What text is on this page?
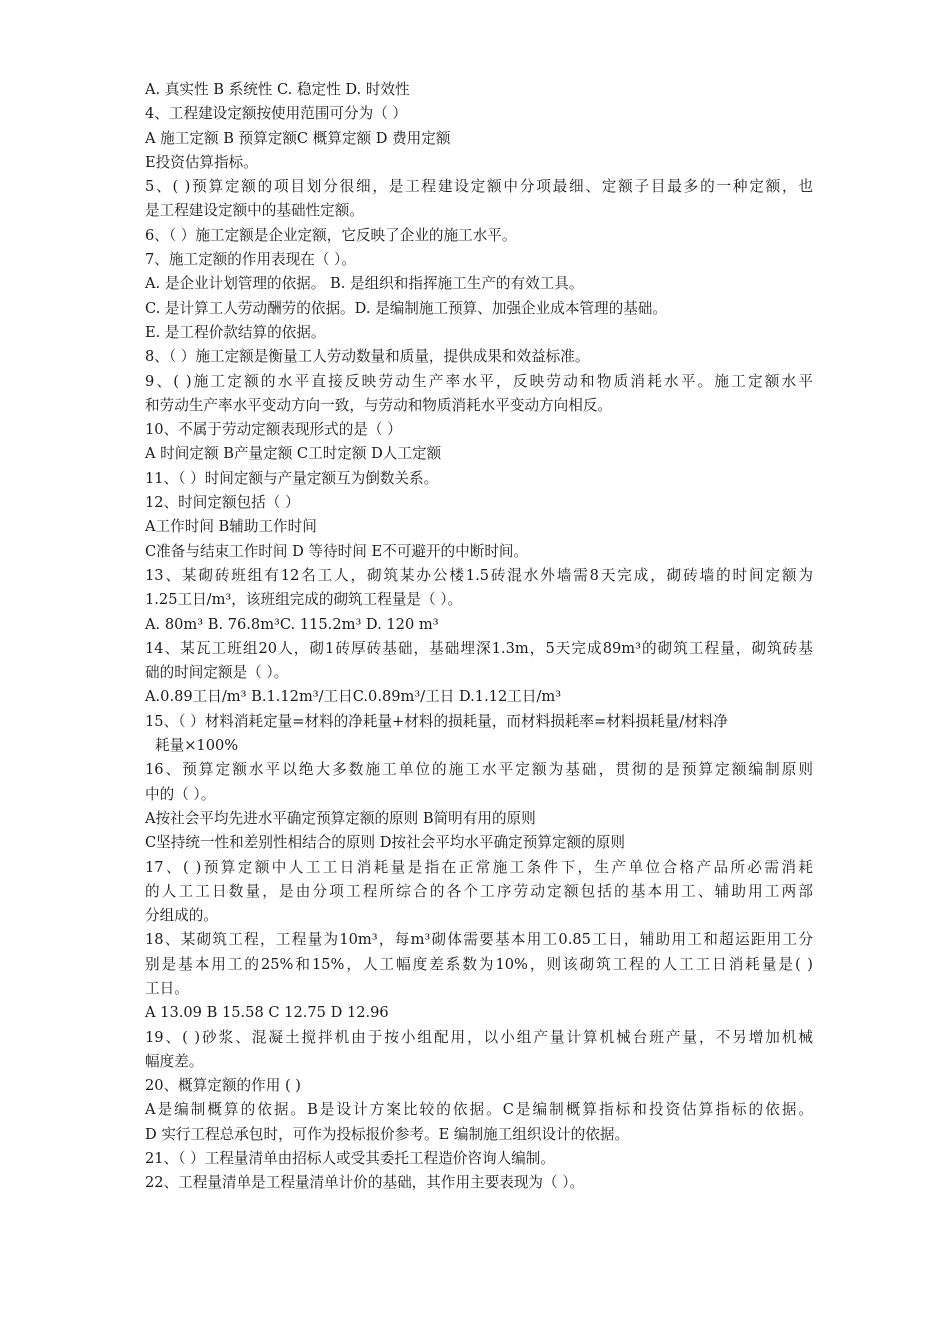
A. 真实性 B 系统性 C. 稳定性 D. 时效性
4、工程建设定额按使用范围可分为（ ）
A 施工定额 B 预算定额C 概算定额 D 费用定额
E投资估算指标。
5、( )预算定额的项目划分很细，是工程建设定额中分项最细、定额子目最多的一种定额，也
是工程建设定额中的基础性定额。
6、（ ）施工定额是企业定额，它反映了企业的施工水平。
7、施工定额的作用表现在（ ）。
A. 是企业计划管理的依据。 B. 是组织和指挥施工生产的有效工具。
C. 是计算工人劳动酬劳的依据。D. 是编制施工预算、加强企业成本管理的基础。
E. 是工程价款结算的依据。
8、（ ）施工定额是衡量工人劳动数量和质量，提供成果和效益标准。
9、( )施工定额的水平直接反映劳动生产率水平，反映劳动和物质消耗水平。施工定额水平
和劳动生产率水平变动方向一致，与劳动和物质消耗水平变动方向相反。
10、不属于劳动定额表现形式的是（ ）
A 时间定额 B产量定额 C工时定额 D人工定额
11、（ ）时间定额与产量定额互为倒数关系。
12、时间定额包括（ ）
A工作时间 B辅助工作时间
C准备与结束工作时间 D 等待时间 E不可避开的中断时间。
13、某砌砖班组有12名工人，砌筑某办公楼1.5砖混水外墙需8天完成，砌砖墙的时间定额为
1.25工日/m³，该班组完成的砌筑工程量是（ ）。
A. 80m³ B. 76.8m³C. 115.2m³ D. 120 m³
14、某瓦工班组20人，砌1砖厚砖基础，基础埋深1.3m，5天完成89m³的砌筑工程量，砌筑砖基
础的时间定额是（ ）。
A.0.89工日/m³ B.1.12m³/工日C.0.89m³/工日 D.1.12工日/m³
15、（ ）材料消耗定量=材料的净耗量+材料的损耗量，而材料损耗率=材料损耗量/材料净
耗量×100%
16、预算定额水平以绝大多数施工单位的施工水平定额为基础，贯彻的是预算定额编制原则
中的（ ）。
A按社会平均先进水平确定预算定额的原则 B简明有用的原则
C坚持统一性和差别性相结合的原则 D按社会平均水平确定预算定额的原则
17、( )预算定额中人工工日消耗量是指在正常施工条件下，生产单位合格产品所必需消耗
的人工工日数量，是由分项工程所综合的各个工序劳动定额包括的基本用工、辅助用工两部
分组成的。
18、某砌筑工程，工程量为10m³，每m³砌体需要基本用工0.85工日，辅助用工和超运距用工分
别是基本用工的25%和15%，人工幅度差系数为10%，则该砌筑工程的人工工日消耗量是( )
工日。
A 13.09 B 15.58 C 12.75 D 12.96
19、( )砂浆、混凝土搅拌机由于按小组配用，以小组产量计算机械台班产量，不另增加机械
幅度差。
20、概算定额的作用 ( )
A是编制概算的依据。B是设计方案比较的依据。C是编制概算指标和投资估算指标的依据。
D 实行工程总承包时，可作为投标报价参考。E 编制施工组织设计的依据。
21、（ ）工程量清单由招标人或受其委托工程造价咨询人编制。
22、工程量清单是工程量清单计价的基础，其作用主要表现为（ ）。
